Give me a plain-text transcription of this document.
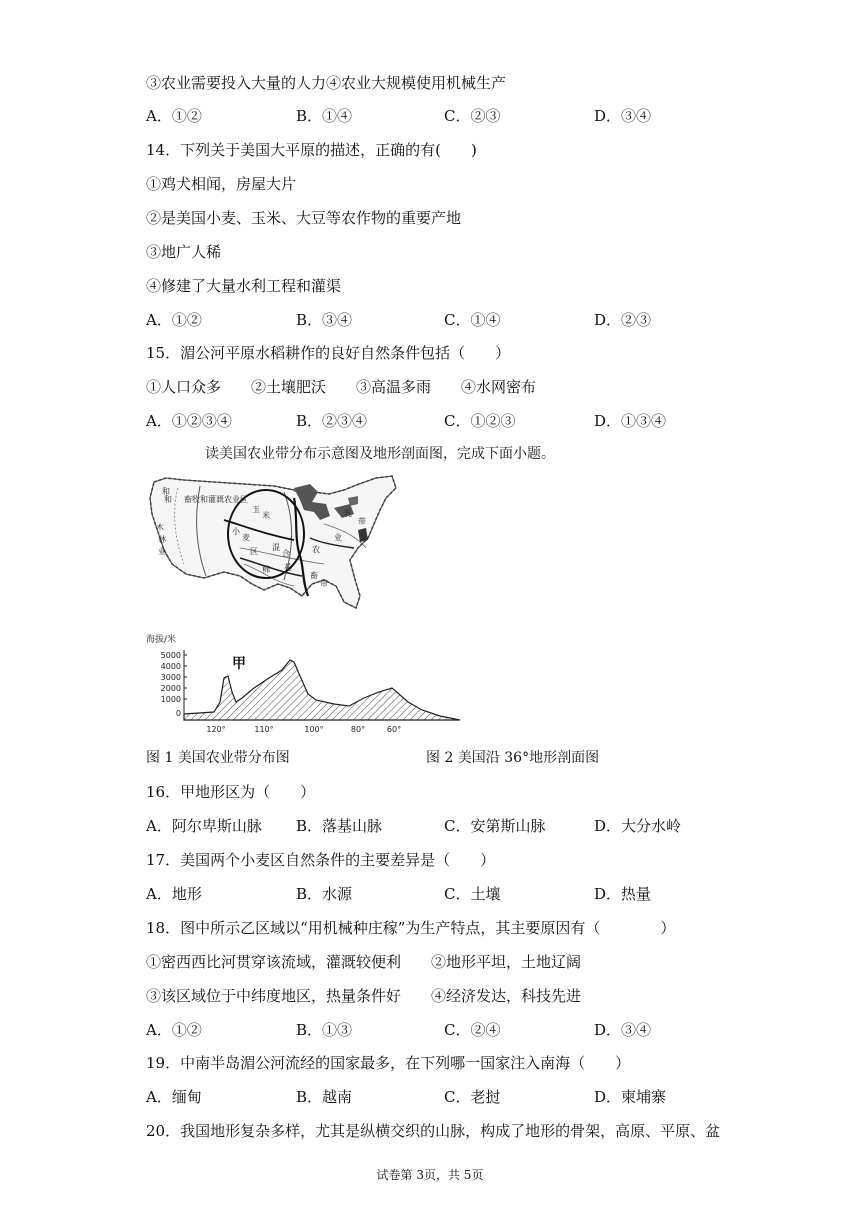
③农业需要投入大量的人力④农业大规模使用机械生产
A．①②	B．①④	C．②③	D．③④
14．下列关于美国大平原的描述，正确的有(　　)
①鸡犬相闻，房屋大片
②是美国小麦、玉米、大豆等农作物的重要产地
③地广人稀
④修建了大量水利工程和灌渠
A．①②	B．③④	C．①④	D．②③
15．湄公河平原水稻耕作的良好自然条件包括（　　）
①人口众多　　②土壤肥沃　　③高温多雨　　④水网密布
A．①②③④	B．②③④	C．①②③	D．①③④
读美国农业带分布示意图及地形剖面图，完成下面小题。
畜牧和灌溉农业区
和
木
和
林
业
玉
米
小
麦
区 混
合
棉 花
农
业
带
乳
畜
带
海拔/米
5000
4000
3000
2000
1000
0
甲
120°	110°	100°	80°	60°
图 1 美国农业带分布图	图 2 美国沿 36°地形剖面图
16．甲地形区为（　　）
A．阿尔卑斯山脉 B．落基山脉	C．安第斯山脉	D．大分水岭
17．美国两个小麦区自然条件的主要差异是（　　）
A．地形	B．水源	C．土壤	D．热量
18．图中所示乙区域以“用机械种庄稼”为生产特点，其主要原因有（　　　　）
①密西西比河贯穿该流域，灌溉较便利　　②地形平坦，土地辽阔
③该区域位于中纬度地区，热量条件好　　④经济发达，科技先进
A．①②	B．①③	C．②④	D．③④
19．中南半岛湄公河流经的国家最多，在下列哪一国家注入南海（　　）
A．缅甸	B．越南	C．老挝	D．柬埔寨
20．我国地形复杂多样，尤其是纵横交织的山脉，构成了地形的骨架，高原、平原、盆
试卷第 3页，共 5页
